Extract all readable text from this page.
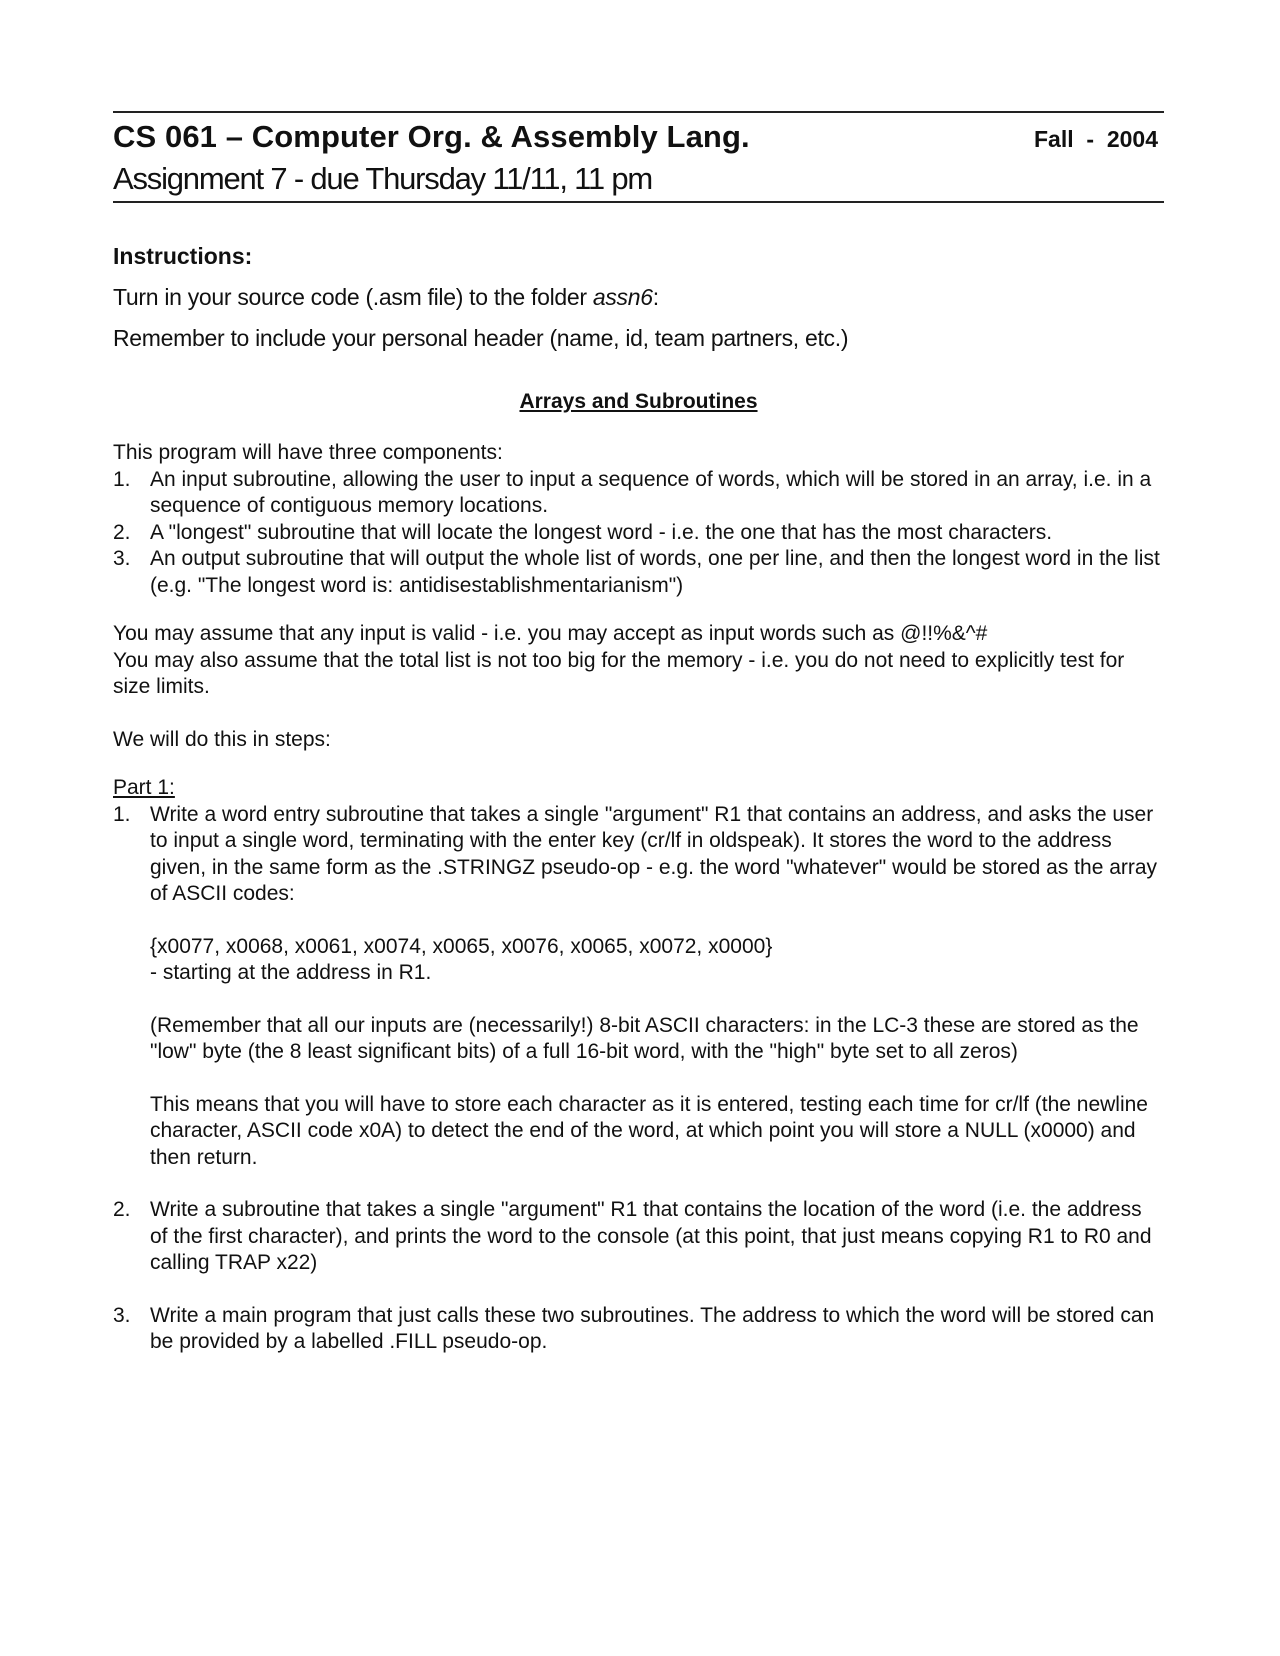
CS 061 – Computer Org. & Assembly Lang.	Fall  -  2004
Assignment 7 - due Thursday 11/11, 11 pm
Instructions:
Turn in your source code (.asm file) to the folder assn6:
Remember to include your personal header (name, id, team partners, etc.)
Arrays and Subroutines
This program will have three components:
1. An input subroutine, allowing the user to input a sequence of words, which will be stored in an array, i.e. in a sequence of contiguous memory locations.
2. A "longest" subroutine that will locate the longest word - i.e. the one that has the most characters.
3. An output subroutine that will output the whole list of words, one per line, and then the longest word in the list (e.g. "The longest word is: antidisestablishmentarianism")
You may assume that any input is valid - i.e. you may accept as input words such as @!!%&^#
You may also assume that the total list is not too big for the memory - i.e. you do not need to explicitly test for size limits.
We will do this in steps:
Part 1:
1. Write a word entry subroutine that takes a single "argument" R1 that contains an address, and asks the user to input a single word, terminating with the enter key (cr/lf in oldspeak). It stores the word to the address given, in the same form as the .STRINGZ pseudo-op - e.g. the word "whatever" would be stored as the array of ASCII codes:
{x0077, x0068, x0061, x0074, x0065, x0076, x0065, x0072, x0000}
- starting at the address in R1.
(Remember that all our inputs are (necessarily!) 8-bit ASCII characters: in the LC-3 these are stored as the "low" byte (the 8 least significant bits) of a full 16-bit word, with the "high" byte set to all zeros)
This means that you will have to store each character as it is entered, testing each time for cr/lf (the newline character, ASCII code x0A) to detect the end of the word, at which point you will store a NULL (x0000) and then return.
2. Write a subroutine that takes a single "argument" R1 that contains the location of the word (i.e. the address of the first character), and prints the word to the console (at this point, that just means copying R1 to R0 and calling TRAP x22)
3. Write a main program that just calls these two subroutines. The address to which the word will be stored can be provided by a labelled .FILL pseudo-op.
